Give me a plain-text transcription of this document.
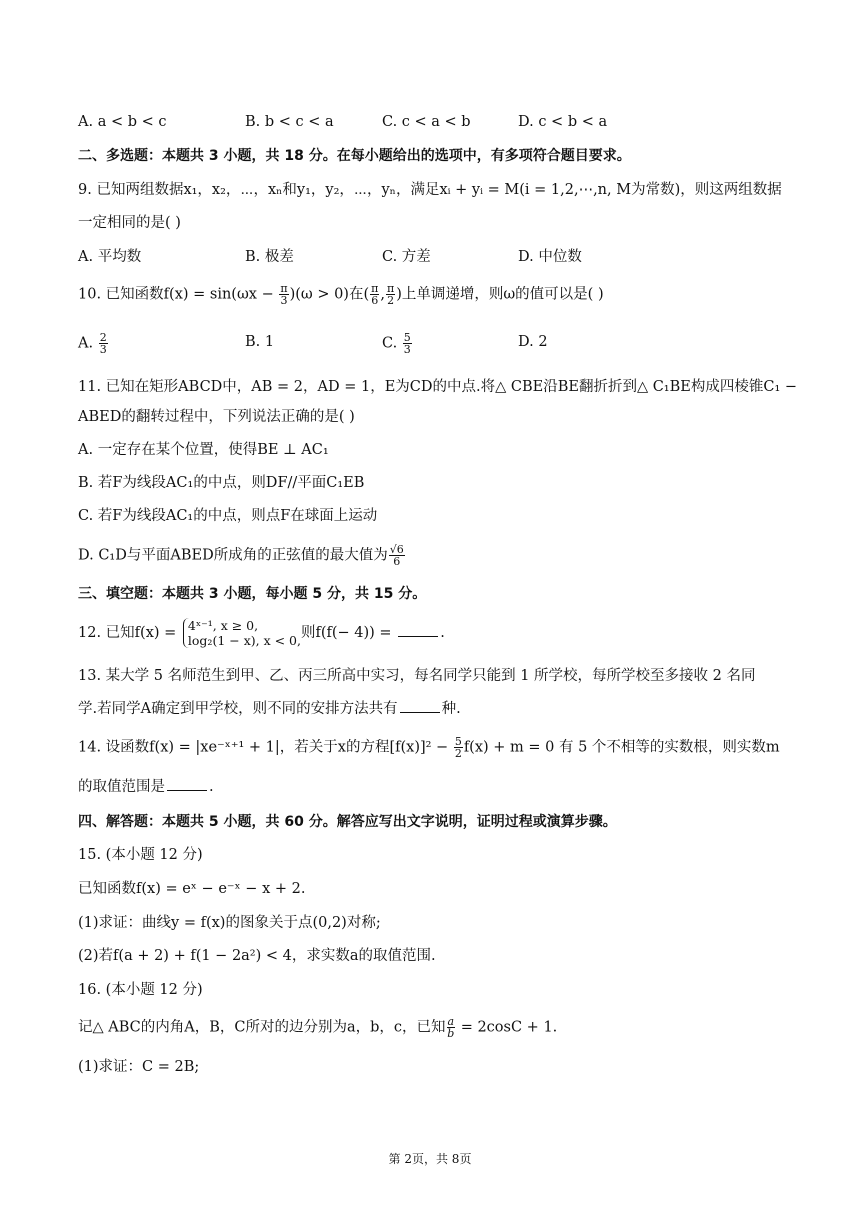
A. a < b < c	B. b < c < a	C. c < a < b	D. c < b < a
二、多选题：本题共 3 小题，共 18 分。在每小题给出的选项中，有多项符合题目要求。
9. 已知两组数据x₁，x₂，⋯，xₙ和y₁，y₂，⋯，yₙ，满足xᵢ + yᵢ = M(i = 1,2,⋯,n, M为常数)，则这两组数据
一定相同的是( )
A. 平均数	B. 极差	C. 方差	D. 中位数
10. 已知函数$f(x) = \sin(\omega x - \frac{\pi}{3} )(\omega > 0)$在( $\frac{\pi}{6}$ , $\frac{\pi}{2}$ )上单调递增，则ω的值可以是( )
A. $\frac{2}{3}$	B. 1	C. $\frac{5}{3}$	D. 2
11. 已知在矩形ABCD中，AB = 2，AD = 1，E为CD的中点.将△ CBE沿BE翻折折到△ C₁BE构成四棱锥C₁ −
ABED的翻转过程中，下列说法正确的是( )
A. 一定存在某个位置，使得BE ⊥ AC₁
B. 若F为线段AC₁的中点，则DF//平面C₁EB
C. 若F为线段AC₁的中点，则点F在球面上运动
D. C₁D与平面ABED所成角的正弦值的最大值为 $\frac{√6}{6}$
三、填空题：本题共 3 小题，每小题 5 分，共 15 分。
12. 已知f(x) = 4ˣ⁻¹, x ≥ 0,
log₂(1 − x), x < 0, 则f(f(− 4)) =	.
13. 某大学 5 名师范生到甲、乙、丙三所高中实习，每名同学只能到 1 所学校，每所学校至多接收 2 名同
学.若同学A确定到甲学校，则不同的安排方法共有	种.
14. 设函数f(x) = |xe⁻ˣ⁺¹ + 1|，若关于x的方程$[f(x)]^2 - \frac{5}{2} f(x) + m = 0$ 有 5 个不相等的实数根，则实数m
的取值范围是	.
四、解答题：本题共 5 小题，共 60 分。解答应写出文字说明，证明过程或演算步骤。
15. (本小题 12 分)
已知函数f(x) = eˣ − e⁻ˣ − x + 2.
(1)求证：曲线y = f(x)的图象关于点(0,2)对称;
(2)若f(a + 2) + f(1 − 2a²) < 4，求实数a的取值范围.
16. (本小题 12 分)
记△ ABC的内角A，B，C所对的边分别为a，b，c，已知 $\frac{a}{b} = 2\cos C + 1$.
(1)求证：C = 2B;
第 2页，共 8页
